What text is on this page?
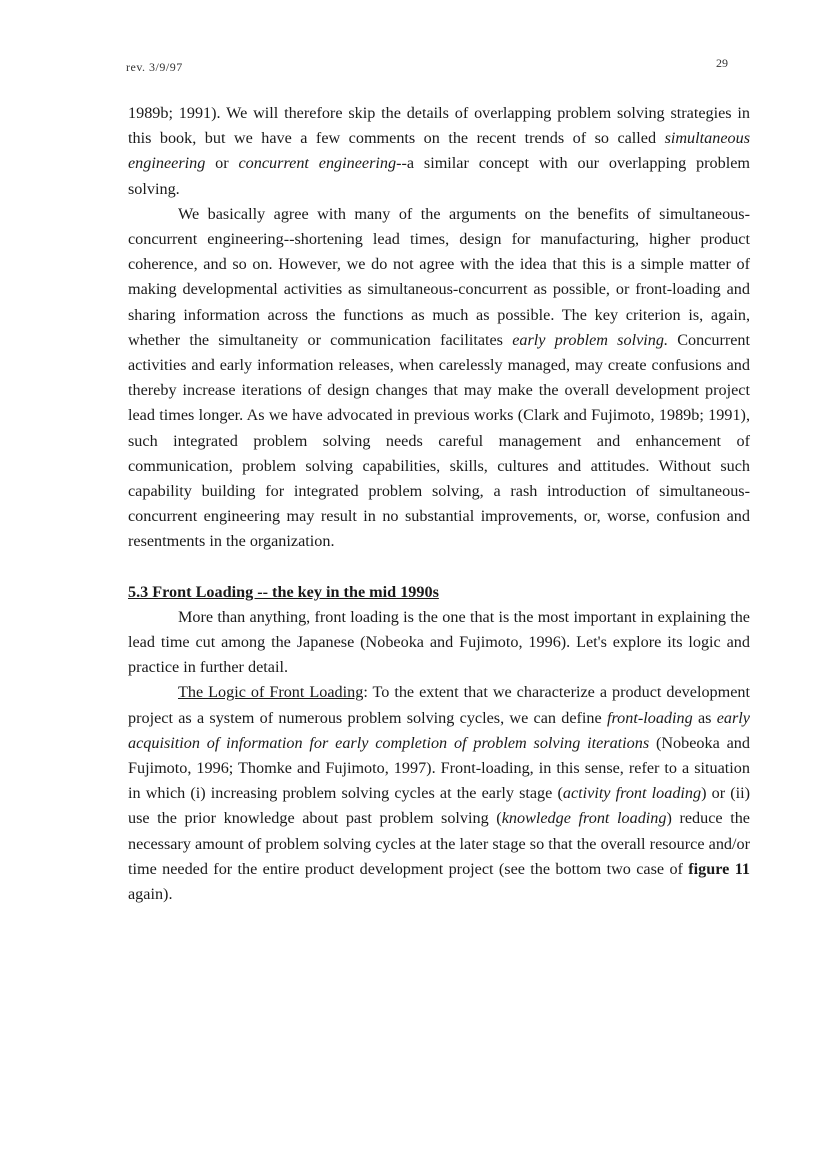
rev. 3/9/97	29

1989b; 1991). We will therefore skip the details of overlapping problem solving strategies in this book, but we have a few comments on the recent trends of so called simultaneous engineering or concurrent engineering--a similar concept with our overlapping problem solving.

We basically agree with many of the arguments on the benefits of simultaneous-concurrent engineering--shortening lead times, design for manufacturing, higher product coherence, and so on. However, we do not agree with the idea that this is a simple matter of making developmental activities as simultaneous-concurrent as possible, or front-loading and sharing information across the functions as much as possible. The key criterion is, again, whether the simultaneity or communication facilitates early problem solving. Concurrent activities and early information releases, when carelessly managed, may create confusions and thereby increase iterations of design changes that may make the overall development project lead times longer. As we have advocated in previous works (Clark and Fujimoto, 1989b; 1991), such integrated problem solving needs careful management and enhancement of communication, problem solving capabilities, skills, cultures and attitudes. Without such capability building for integrated problem solving, a rash introduction of simultaneous-concurrent engineering may result in no substantial improvements, or, worse, confusion and resentments in the organization.

5.3 Front Loading -- the key in the mid 1990s

More than anything, front loading is the one that is the most important in explaining the lead time cut among the Japanese (Nobeoka and Fujimoto, 1996). Let's explore its logic and practice in further detail.

The Logic of Front Loading: To the extent that we characterize a product development project as a system of numerous problem solving cycles, we can define front-loading as early acquisition of information for early completion of problem solving iterations (Nobeoka and Fujimoto, 1996; Thomke and Fujimoto, 1997). Front-loading, in this sense, refer to a situation in which (i) increasing problem solving cycles at the early stage (activity front loading) or (ii) use the prior knowledge about past problem solving (knowledge front loading) reduce the necessary amount of problem solving cycles at the later stage so that the overall resource and/or time needed for the entire product development project (see the bottom two case of figure 11 again).
